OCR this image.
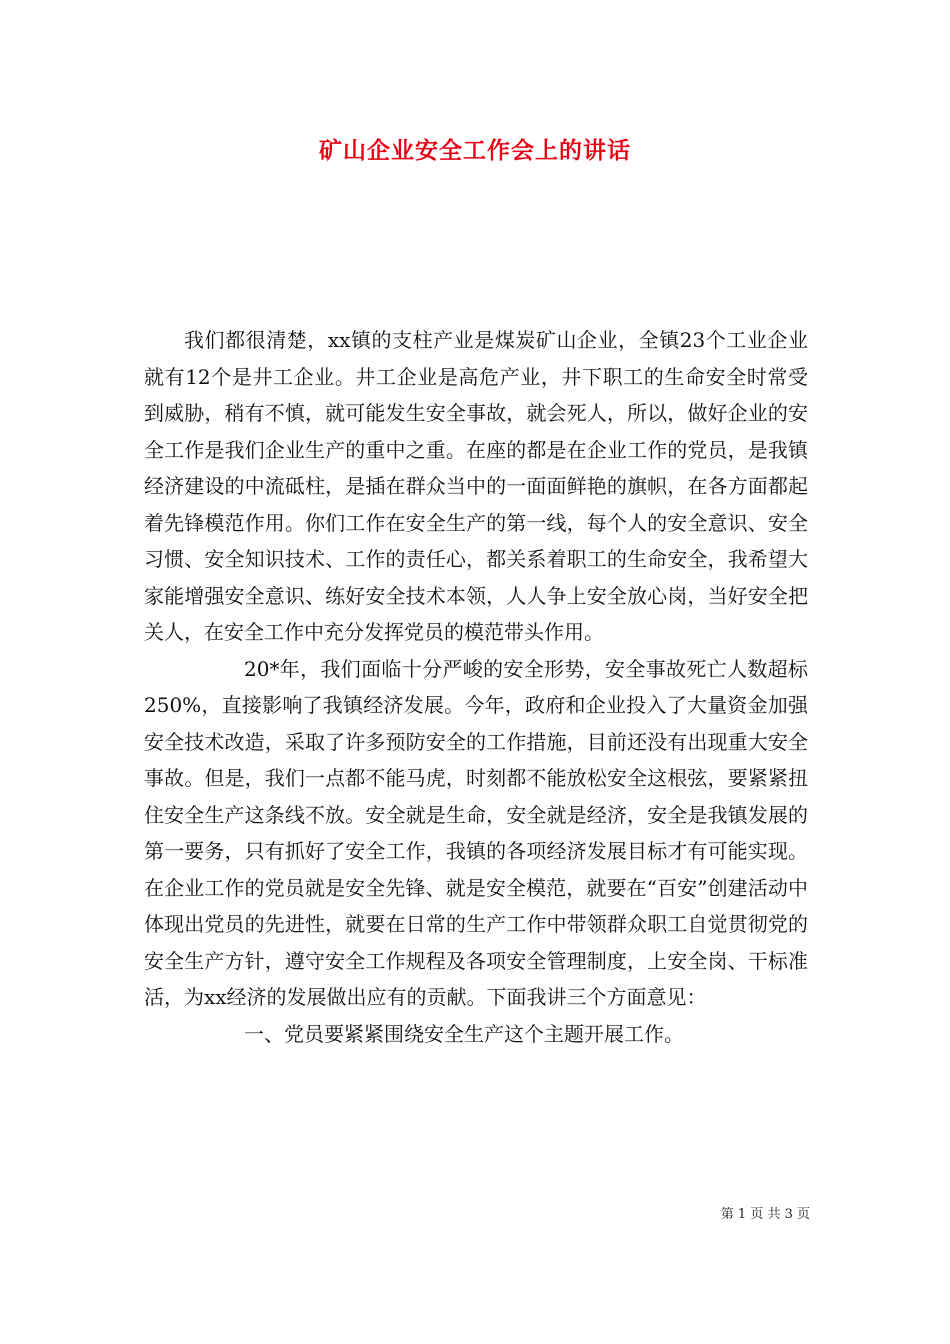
矿山企业安全工作会上的讲话

我们都很清楚，xx镇的支柱产业是煤炭矿山企业，全镇23个工业企业就有12个是井工企业。井工企业是高危产业，井下职工的生命安全时常受到威胁，稍有不慎，就可能发生安全事故，就会死人，所以，做好企业的安全工作是我们企业生产的重中之重。在座的都是在企业工作的党员，是我镇经济建设的中流砥柱，是插在群众当中的一面面鲜艳的旗帜，在各方面都起着先锋模范作用。你们工作在安全生产的第一线，每个人的安全意识、安全习惯、安全知识技术、工作的责任心，都关系着职工的生命安全，我希望大家能增强安全意识、练好安全技术本领，人人争上安全放心岗，当好安全把关人，在安全工作中充分发挥党员的模范带头作用。

20*年，我们面临十分严峻的安全形势，安全事故死亡人数超标250%，直接影响了我镇经济发展。今年，政府和企业投入了大量资金加强安全技术改造，采取了许多预防安全的工作措施，目前还没有出现重大安全事故。但是，我们一点都不能马虎，时刻都不能放松安全这根弦，要紧紧扭住安全生产这条线不放。安全就是生命，安全就是经济，安全是我镇发展的第一要务，只有抓好了安全工作，我镇的各项经济发展目标才有可能实现。在企业工作的党员就是安全先锋、就是安全模范，就要在“百安”创建活动中体现出党员的先进性，就要在日常的生产工作中带领群众职工自觉贯彻党的安全生产方针，遵守安全工作规程及各项安全管理制度，上安全岗、干标准活，为xx经济的发展做出应有的贡献。下面我讲三个方面意见：

一、党员要紧紧围绕安全生产这个主题开展工作。

第 1 页 共 3 页
